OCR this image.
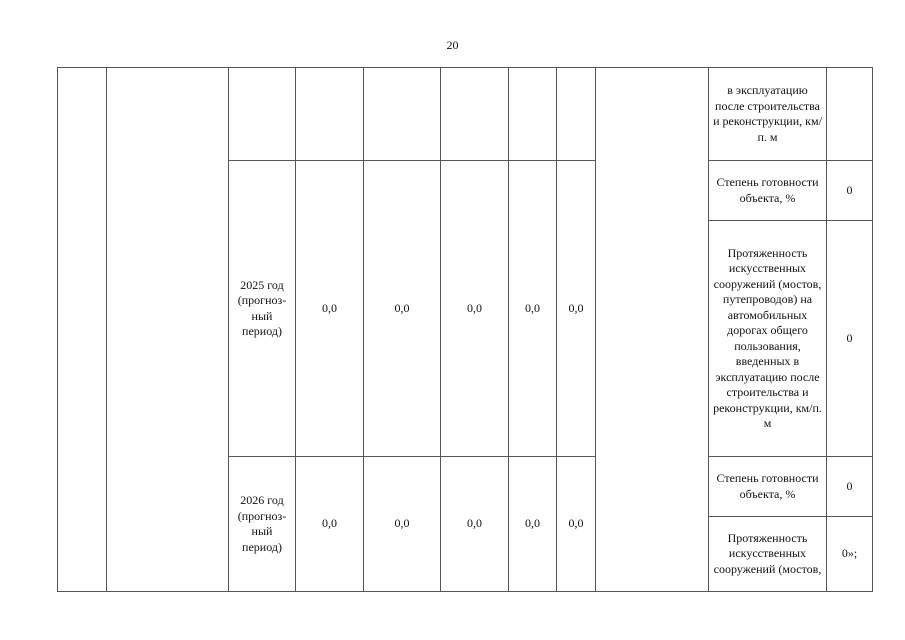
20
									в эксплуатацию после строительства и реконструкции, км/п. м	
		2025 год (прогноз-ный период)	0,0	0,0	0,0	0,0	0,0		Степень готовности объекта, %	0
									Протяженность искусственных сооружений (мостов, путепроводов) на автомобильных дорогах общего пользования, введенных в эксплуатацию после строительства и реконструкции, км/п. м	0
		2026 год (прогноз-ный период)	0,0	0,0	0,0	0,0	0,0		Степень готовности объекта, %	0
									Протяженность искусственных сооружений (мостов,	0»;
